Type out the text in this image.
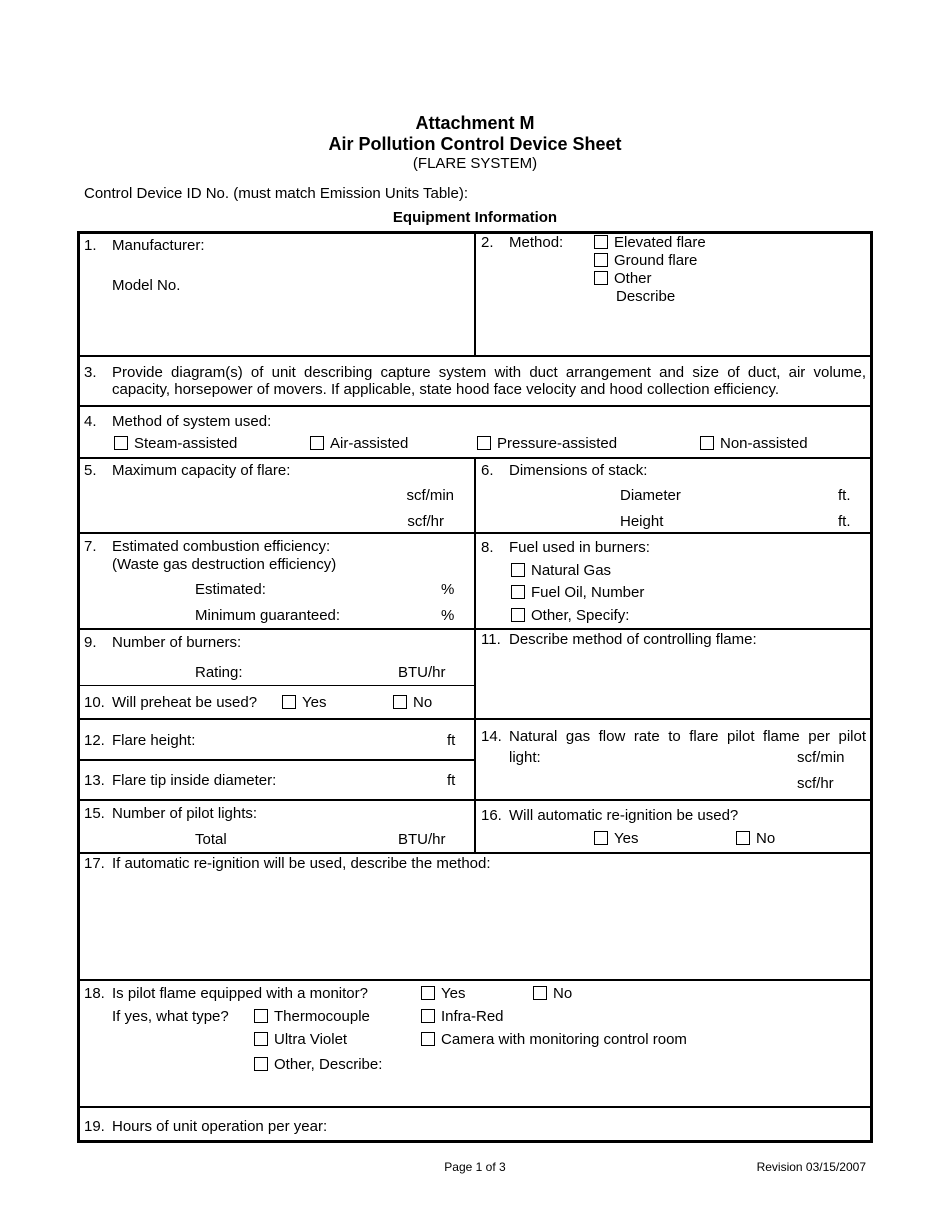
Attachment M
Air Pollution Control Device Sheet
(FLARE SYSTEM)
Control Device ID No. (must match Emission Units Table):
Equipment Information
1. Manufacturer:
Model No.
2. Method:	Elevated flare
Ground flare
Other
Describe
3. Provide diagram(s) of unit describing capture system with duct arrangement and size of duct, air volume,
capacity, horsepower of movers. If applicable, state hood face velocity and hood collection efficiency.
4. Method of system used:
Steam-assisted	Air-assisted	Pressure-assisted	Non-assisted
5. Maximum capacity of flare:
scf/min
scf/hr
6. Dimensions of stack:
Diameter	ft.
Height	ft.
7. Estimated combustion efficiency:
(Waste gas destruction efficiency)
Estimated:	%
Minimum guaranteed:	%
8. Fuel used in burners:
Natural Gas
Fuel Oil, Number
Other, Specify:
9. Number of burners:
Rating:	BTU/hr
10. Will preheat be used?	Yes	No
11. Describe method of controlling flame:
12. Flare height:	ft
13. Flare tip inside diameter:	ft
14. Natural gas flow rate to flare pilot flame per pilot
light:	scf/min
scf/hr
15. Number of pilot lights:
Total	BTU/hr
16. Will automatic re-ignition be used?
Yes	No
17. If automatic re-ignition will be used, describe the method:
18. Is pilot flame equipped with a monitor?	Yes	No
If yes, what type?	Thermocouple	Infra-Red
Ultra Violet	Camera with monitoring control room
Other, Describe:
19. Hours of unit operation per year:
Page 1 of 3	Revision 03/15/2007
